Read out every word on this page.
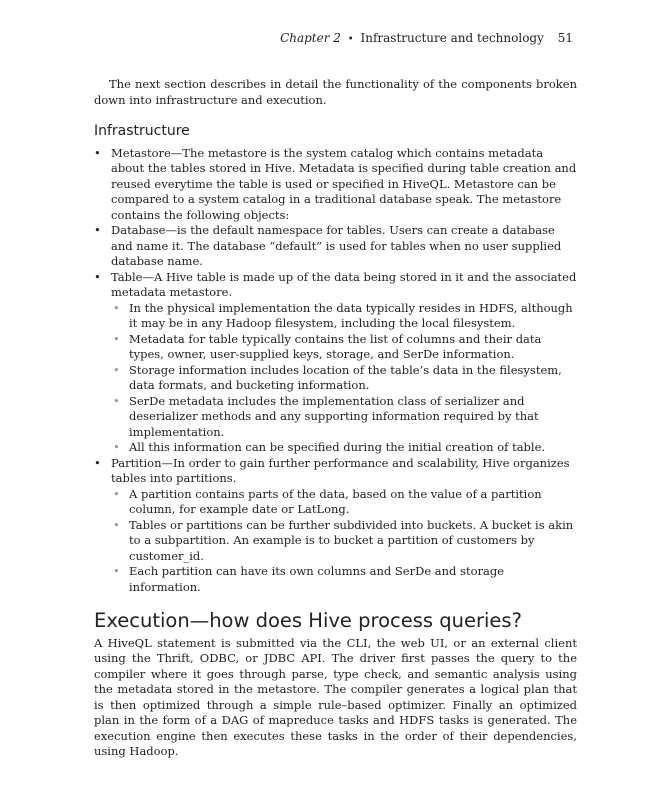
Chapter 2 • Infrastructure and technology 51

The next section describes in detail the functionality of the components broken down into infrastructure and execution.

Infrastructure
• Metastore—The metastore is the system catalog which contains metadata about the tables stored in Hive. Metadata is specified during table creation and reused everytime the table is used or specified in HiveQL. Metastore can be compared to a system catalog in a traditional database speak. The metastore contains the following objects:
• Database—is the default namespace for tables. Users can create a database and name it. The database “default” is used for tables when no user supplied database name.
• Table—A Hive table is made up of the data being stored in it and the associated metadata metastore.
• In the physical implementation the data typically resides in HDFS, although it may be in any Hadoop filesystem, including the local filesystem.
• Metadata for table typically contains the list of columns and their data types, owner, user-supplied keys, storage, and SerDe information.
• Storage information includes location of the table’s data in the filesystem, data formats, and bucketing information.
• SerDe metadata includes the implementation class of serializer and deserializer methods and any supporting information required by that implementation.
• All this information can be specified during the initial creation of table.
• Partition—In order to gain further performance and scalability, Hive organizes tables into partitions.
• A partition contains parts of the data, based on the value of a partition column, for example date or LatLong.
• Tables or partitions can be further subdivided into buckets. A bucket is akin to a subpartition. An example is to bucket a partition of customers by customer_id.
• Each partition can have its own columns and SerDe and storage information.
Execution—how does Hive process queries?

A HiveQL statement is submitted via the CLI, the web UI, or an external client using the Thrift, ODBC, or JDBC API. The driver first passes the query to the compiler where it goes through parse, type check, and semantic analysis using the metadata stored in the metastore. The compiler generates a logical plan that is then optimized through a simple rule–based optimizer. Finally an optimized plan in the form of a DAG of mapreduce tasks and HDFS tasks is generated. The execution engine then executes these tasks in the order of their dependencies, using Hadoop.
